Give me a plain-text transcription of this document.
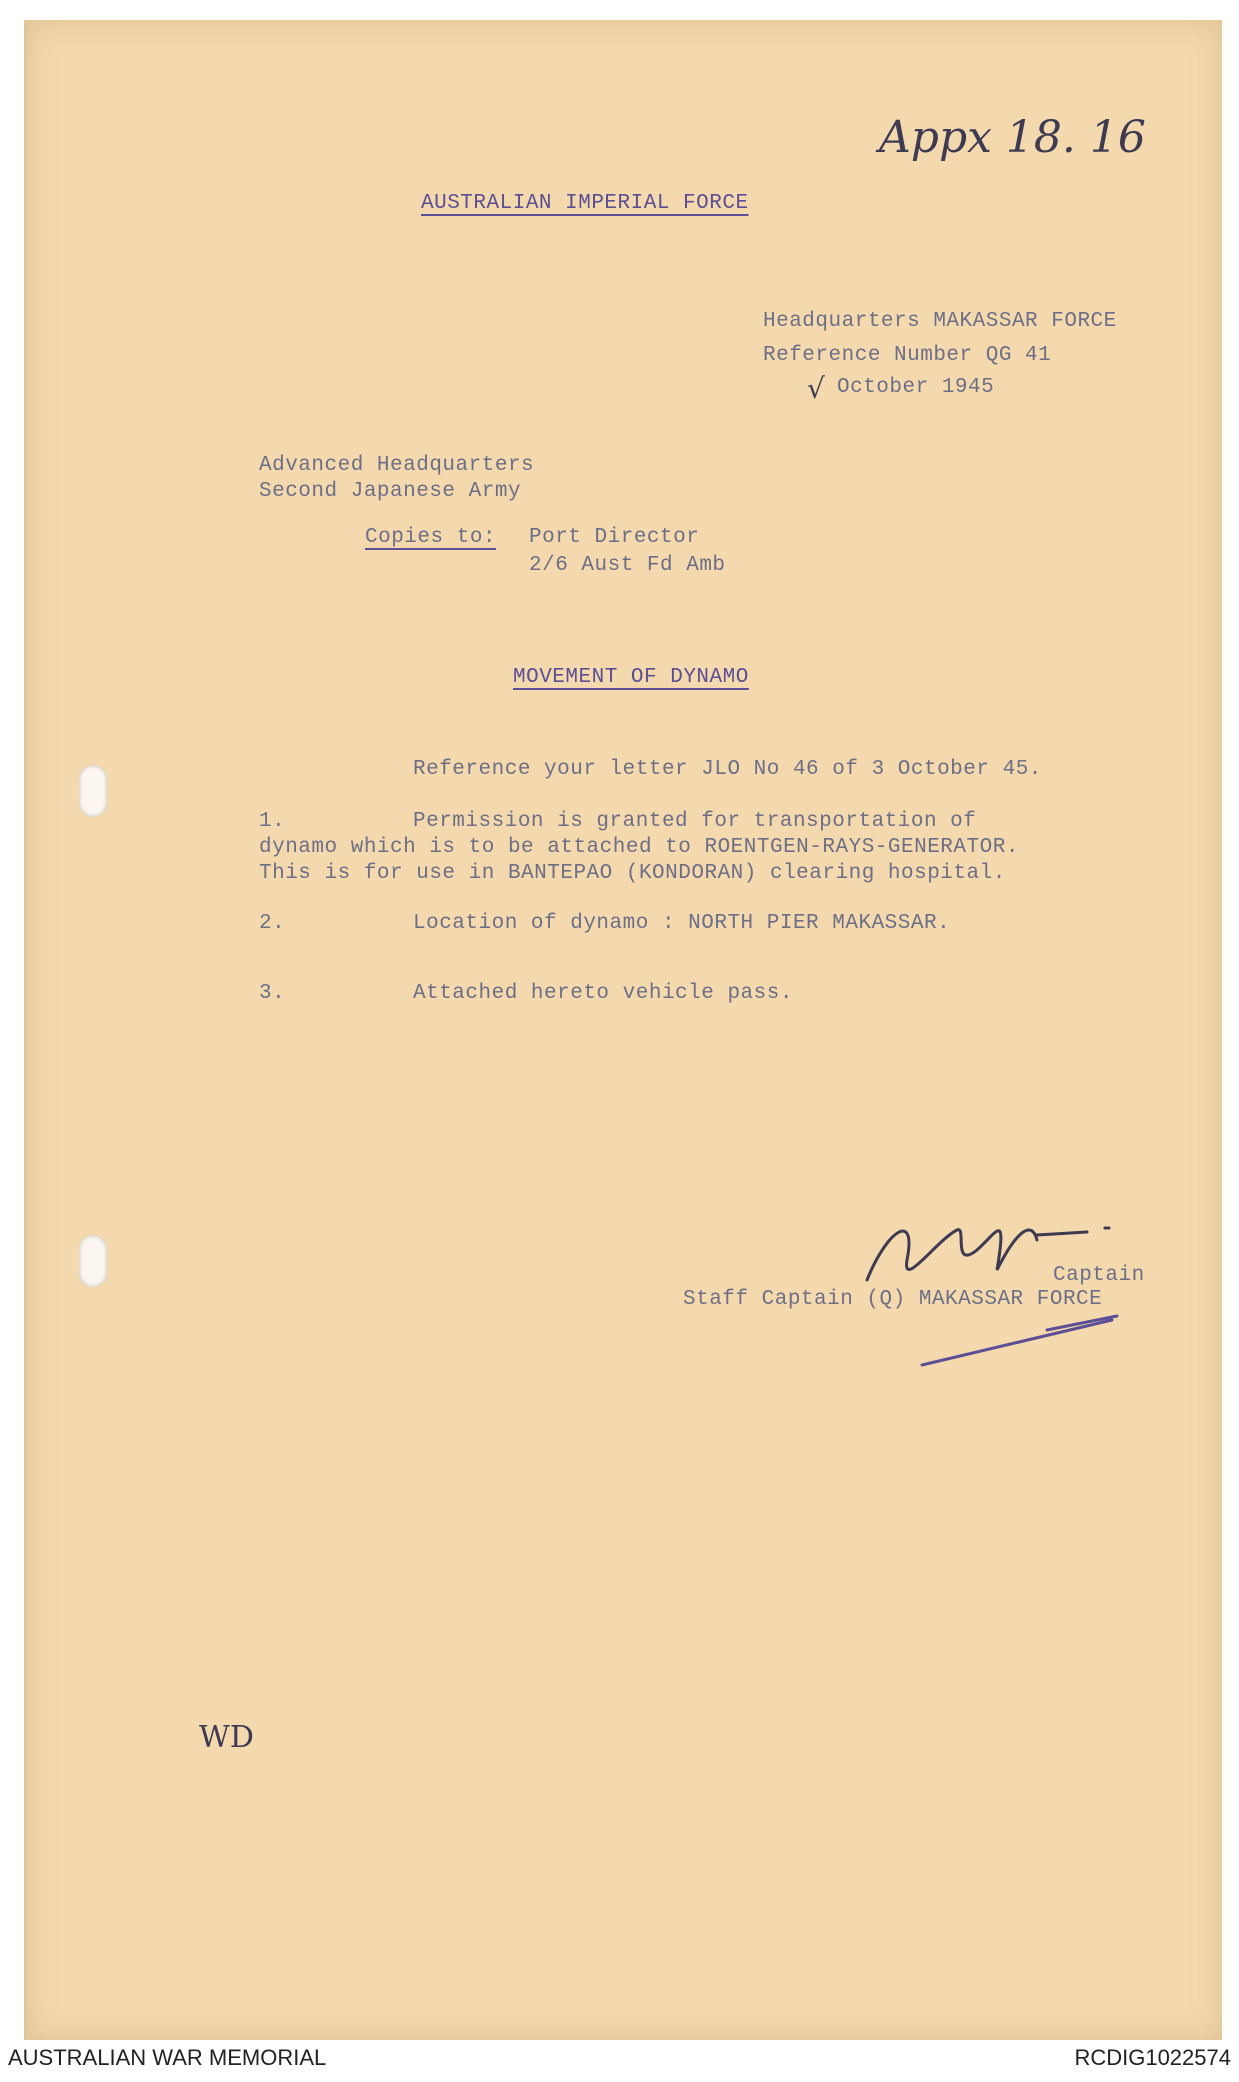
Appx 18. 16
AUSTRALIAN IMPERIAL FORCE
Headquarters MAKASSAR FORCE
Reference Number QG 41
√ October 1945
Advanced Headquarters
Second Japanese Army
Copies to: Port Director
2/6 Aust Fd Amb
MOVEMENT OF DYNAMO
Reference your letter JLO No 46 of 3 October 45.
1.	Permission is granted for transportation of
dynamo which is to be attached to ROENTGEN-RAYS-GENERATOR.
This is for use in BANTEPAO (KONDORAN) clearing hospital.
2.	Location of dynamo : NORTH PIER MAKASSAR.
3.	Attached hereto vehicle pass.
Captain
Staff Captain (Q) MAKASSAR FORCE
WD
AUSTRALIAN WAR MEMORIAL	RCDIG1022574
